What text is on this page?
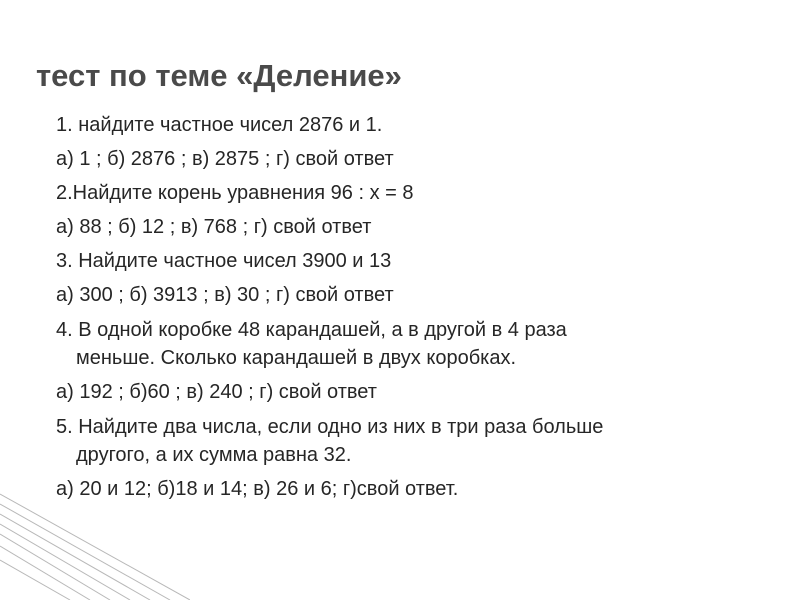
тест по теме «Деление»
1. найдите частное чисел 2876 и 1.
а) 1 ; б) 2876 ; в) 2875 ; г) свой ответ
2.Найдите корень уравнения 96 : х = 8
а) 88 ; б) 12 ; в) 768 ; г) свой ответ
3. Найдите частное чисел 3900 и 13
а) 300 ; б) 3913 ; в) 30 ; г) свой ответ
4. В одной коробке 48 карандашей, а в другой в 4 раза
меньше. Сколько карандашей в двух коробках.
а) 192 ; б)60 ; в) 240 ; г) свой ответ
5. Найдите два числа, если одно из них в три раза больше
другого, а их сумма равна 32.
а) 20 и 12; б)18 и 14; в) 26 и 6; г)свой ответ.
